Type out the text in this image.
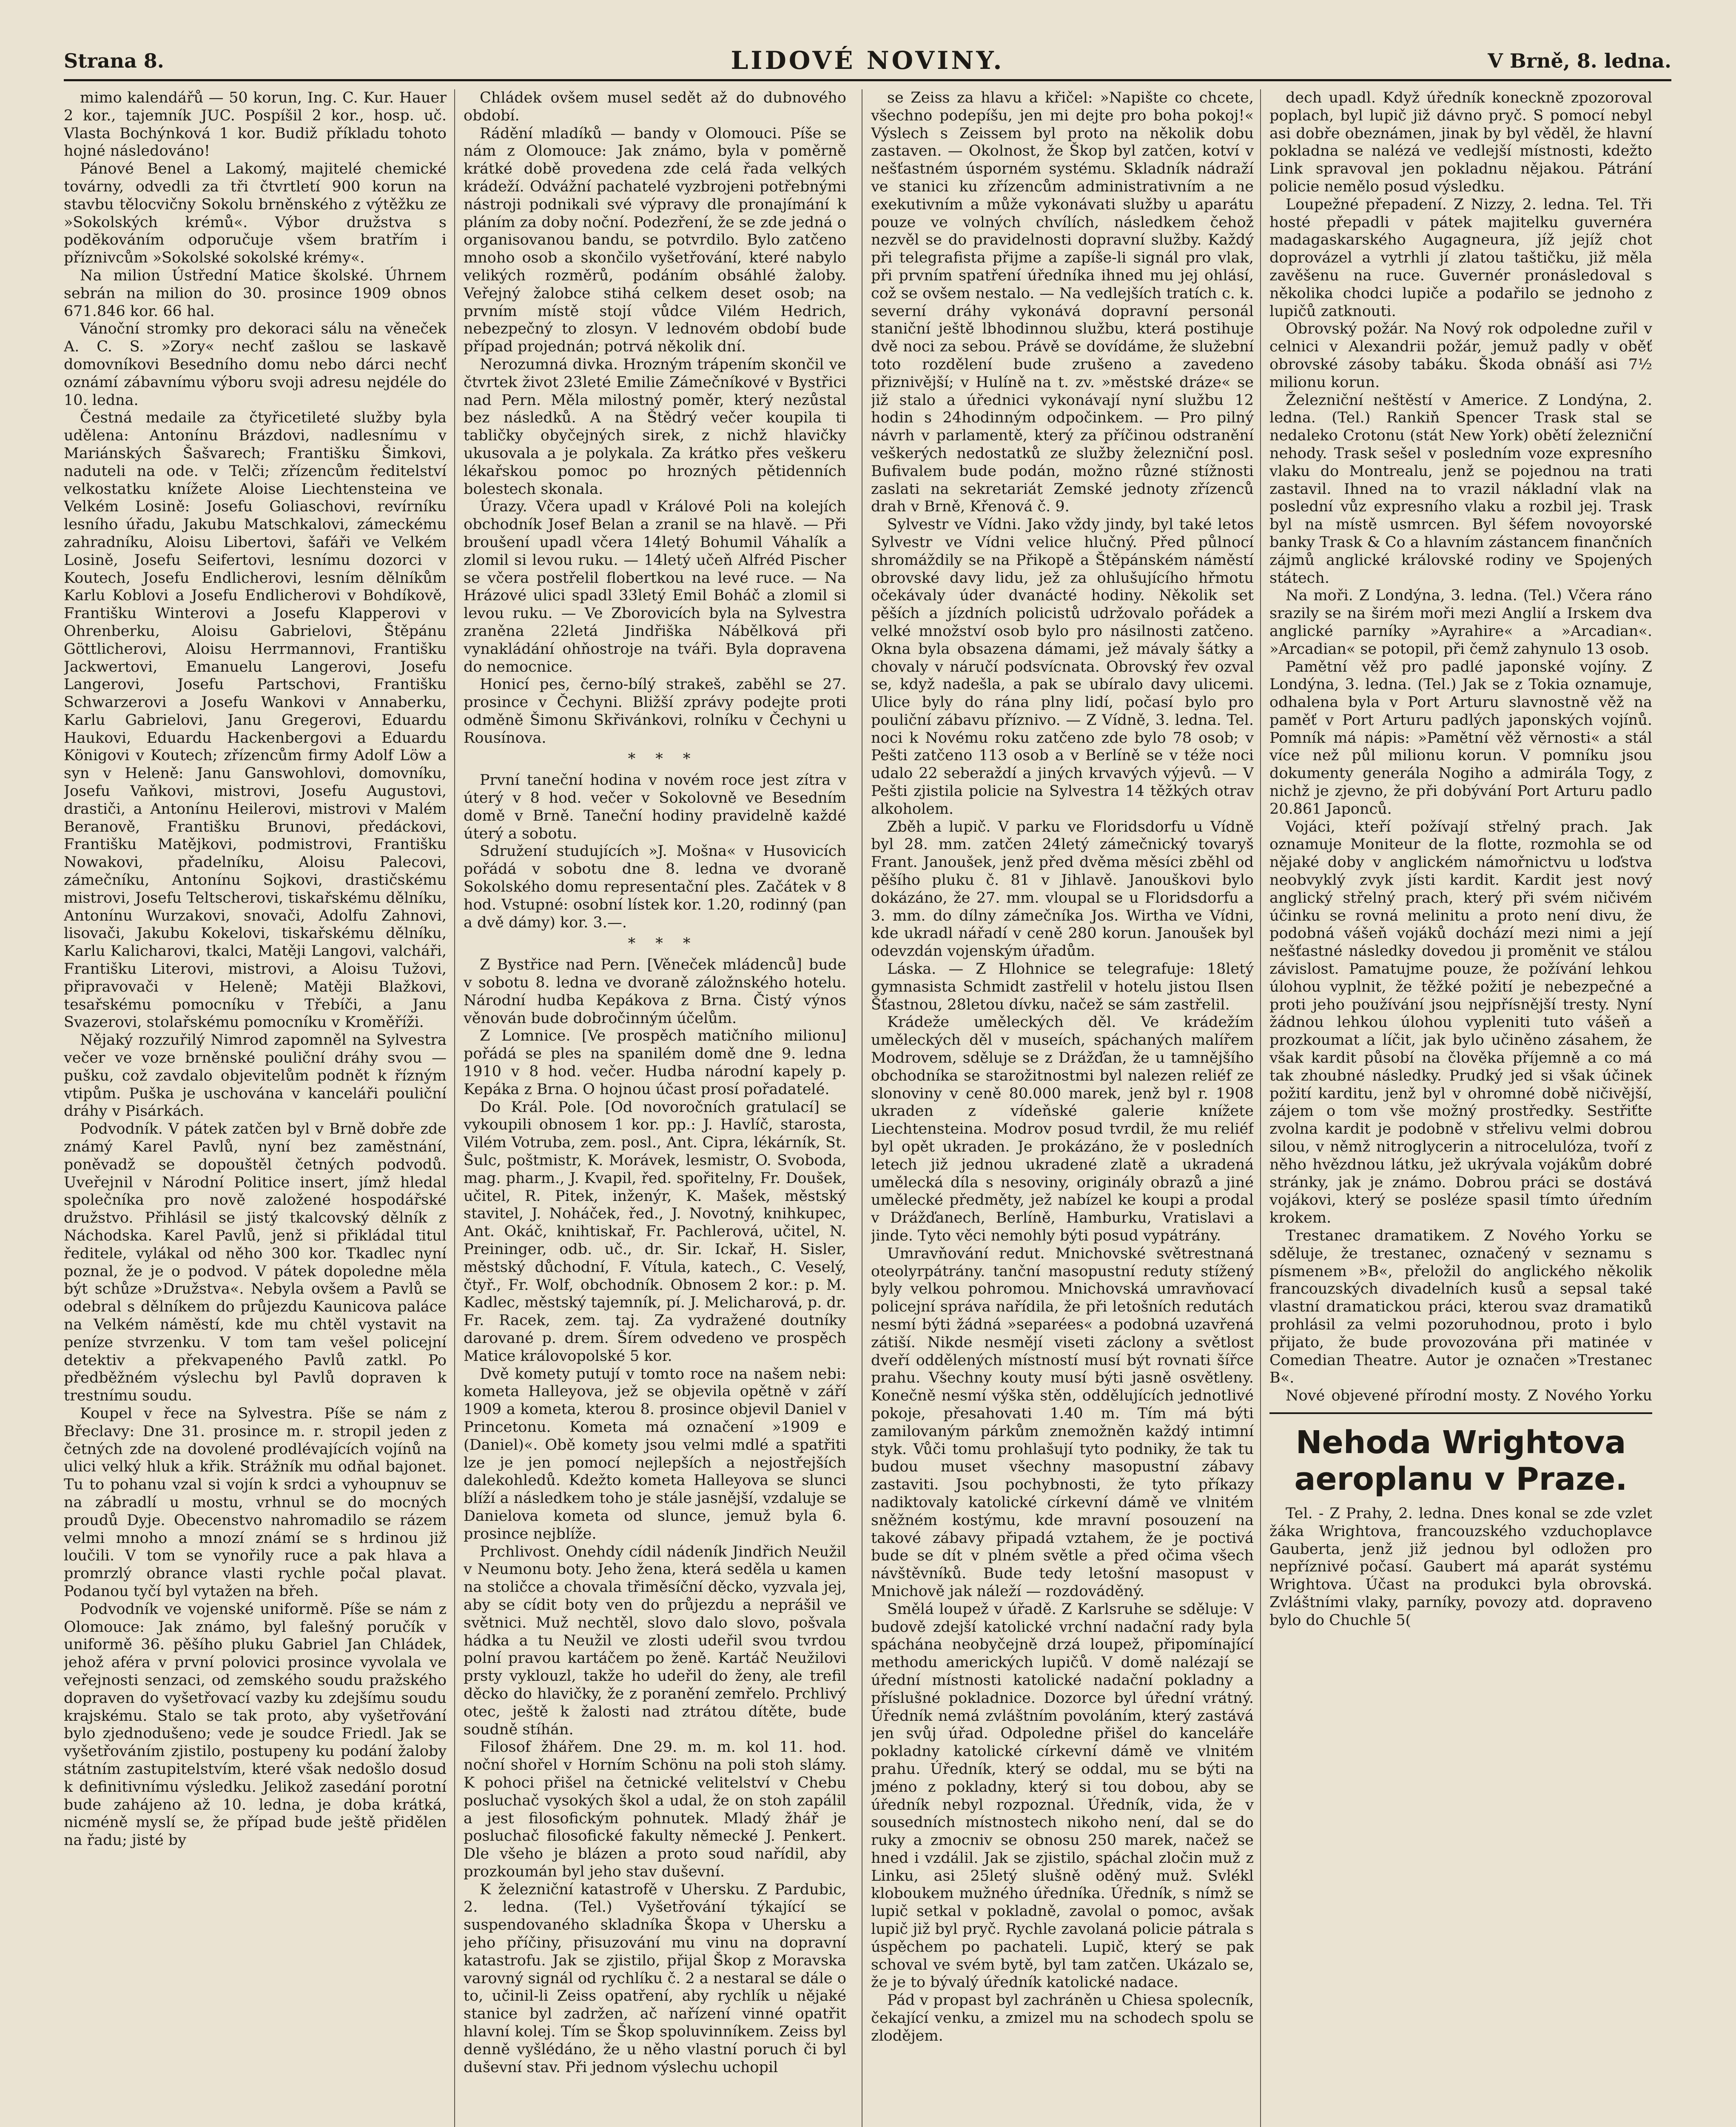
Strana 8.	LIDOVÉ NOVINY.	V Brně, 8. ledna.

mimo kalendářů — 50 korun, Ing. C. Kur. Hauer 2 kor., tajemník JUC. Pospíšil 2 kor., hosp. uč. Vlasta Bochýnková 1 kor. Budiž příkladu tohoto hojné následováno!

Pánové Benel a Lakomý, majitelé chemické továrny, odvedli za tři čtvrtletí 900 korun na stavbu tělocvičny Sokolu brněnského z výtěžku ze »Sokolských krémů«. Výbor družstva s podĕkováním odporučuje všem bratřím i příznivcům »Sokolské sokolské krémy«.

Na milion Ústřední Matice školské. Úhrnem sebrán na milion do 30. prosince 1909 obnos 671.846 kor. 66 hal.

Vánoční stromky pro dekoraci sálu na věneček A. C. S. »Zory« nechť zašlou se laskavě domovníkovi Besedního domu nebo dárci nechť oznámí zábavnímu výboru svoji adresu nejdéle do 10. ledna.

Čestná medaile za čtyřicetileté služby byla udělena: Antonínu Brázdovi, nadlesnímu v Mariánských Šašvarech; Františku Šimkovi, naduteli na ode. v Telči; zřízencům ředitelství velkostatku knížete Aloise Liechtensteina ve Velkém Losině: Josefu Goliaschovi, revírníku lesního úřadu, Jakubu Matschkalovi, zámeckému zahradníku, Aloisu Libertovi, šafáři ve Velkém Losině, Josefu Seifertovi, lesnímu dozorci v Koutech, Josefu Endlicherovi, lesním dělníkům Karlu Koblovi a Josefu Endlicherovi v Bohdíkově, Františku Winterovi a Josefu Klapperovi v Ohrenberku, Aloisu Gabrielovi, Štěpánu Göttlicherovi, Aloisu Herrmannovi, Františku Jackwertovi, Emanuelu Langerovi, Josefu Langerovi, Josefu Partschovi, Františku Schwarzerovi a Josefu Wankovi v Annaberku, Karlu Gabrielovi, Janu Gregerovi, Eduardu Haukovi, Eduardu Hackenbergovi a Eduardu Königovi v Koutech; zřízencům firmy Adolf Löw a syn v Heleně: Janu Ganswohlovi, domovníku, Josefu Vaňkovi, mistrovi, Josefu Augustovi, drastiči, a Antonínu Heilerovi, mistrovi v Malém Beranově, Františku Brunovi, předáckovi, Františku Matějkovi, podmistrovi, Františku Nowakovi, přadelníku, Aloisu Palecovi, zámečníku, Antonínu Sojkovi, drastičskému mistrovi, Josefu Teltscherovi, tiskařskému dělníku, Antonínu Wurzakovi, snovači, Adolfu Zahnovi, lisovači, Jakubu Kokelovi, tiskařskému dělníku, Karlu Kalicharovi, tkalci, Matěji Langovi, valcháři, Františku Literovi, mistrovi, a Aloisu Tužovi, připravovači v Heleně; Matěji Blažkovi, tesařskému pomocníku v Třebíči, a Janu Svazerovi, stolařskému pomocníku v Kroměříži.

Nějaký rozzuřilý Nimrod zapomněl na Sylvestra večer ve voze brněnské pouliční dráhy svou — pušku, což zavdalo objevitelům podnět k řízným vtipům. Puška je uschována v kanceláři pouliční dráhy v Pisárkách.

Podvodník. V pátek zatčen byl v Brně dobře zde známý Karel Pavlů, nyní bez zaměstnání, poněvadž se dopouštěl četných podvodů. Uveřejnil v Národní Politice insert, jímž hledal společníka pro nově založené hospodářské družstvo. Přihlásil se jistý tkalcovský dělník z Náchodska. Karel Pavlů, jenž si přikládal titul ředitele, vylákal od něho 300 kor. Tkadlec nyní poznal, že je o podvod. V pátek dopoledne měla být schůze »Družstva«. Nebyla ovšem a Pavlů se odebral s dělníkem do průjezdu Kaunicova paláce na Velkém náměstí, kde mu chtěl vystavit na peníze stvrzenku. V tom tam vešel policejní detektiv a překvapeného Pavlů zatkl. Po předběžném výslechu byl Pavlů dopraven k trestnímu soudu.

Koupel v řece na Sylvestra. Píše se nám z Břeclavy: Dne 31. prosince m. r. stropil jeden z četných zde na dovolené prodlévajících vojínů na ulici velký hluk a křik. Strážník mu odňal bajonet. Tu to pohanu vzal si vojín k srdci a vyhoupnuv se na zábradlí u mostu, vrhnul se do mocných proudů Dyje. Obecenstvo nahromadilo se rázem velmi mnoho a mnozí známí se s hrdinou již loučili. V tom se vynořily ruce a pak hlava a promrzlý obrance vlasti rychle počal plavat. Podanou tyčí byl vytažen na břeh.

Podvodník ve vojenské uniformě. Píše se nám z Olomouce: Jak známo, byl falešný poručík v uniformě 36. pěšího pluku Gabriel Jan Chládek, jehož aféra v první polovici prosince vyvolala ve veřejnosti senzaci, od zemského soudu pražského dopraven do vyšetřovací vazby ku zdejšímu soudu krajskému. Stalo se tak proto, aby vyšetřování bylo zjednodušeno; vede je soudce Friedl. Jak se vyšetřováním zjistilo, postupeny ku podání žaloby státním zastupitelstvím, které však nedošlo dosud k definitivnímu výsledku. Jelikož zasedání porotní bude zahájeno až 10. ledna, je doba krátká, nicméně myslí se, že případ bude ještě přidělen na řadu; jisté by

Chládek ovšem musel sedět až do dubnového období.

Rádění mladíků — bandy v Olomouci. Píše se nám z Olomouce: Jak známo, byla v poměrně krátké době provedena zde celá řada velkých krádeží. Odvážní pachatelé vyzbrojeni potřebnými nástroji podnikali své výpravy dle pronajímání k pláním za doby noční. Podezření, že se zde jedná o organisovanou bandu, se potvrdilo. Bylo zatčeno mnoho osob a skončilo vyšetřování, které nabylo velikých rozměrů, podáním obsáhlé žaloby. Veřejný žalobce stihá celkem deset osob; na prvním místě stojí vůdce Vilém Hedrich, nebezpečný to zlosyn. V lednovém období bude případ projednán; potrvá několik dní.

Nerozumná divka. Hrozným trápením skončil ve čtvrtek život 23leté Emilie Zámečníkové v Bystřici nad Pern. Měla milostný poměr, který nezůstal bez následků. A na Štědrý večer koupila ti tabličky obyčejných sirek, z nichž hlavičky ukusovala a je polykala. Za krátko přes veškeru lékařskou pomoc po hrozných pětidenních bolestech skonala.

Úrazy. Včera upadl v Králové Poli na kolejích obchodník Josef Belan a zranil se na hlavě. — Při broušení upadl včera 14letý Bohumil Váhalík a zlomil si levou ruku. — 14letý učeň Alfréd Pischer se včera postřelil flobertkou na levé ruce. — Na Hrázové ulici spadl 33letý Emil Boháč a zlomil si levou ruku. — Ve Zborovicích byla na Sylvestra zraněna 22letá Jindřiška Nábělková při vynakládání ohňostroje na tváři. Byla dopravena do nemocnice.

Honicí pes, černo-bílý strakeš, zaběhl se 27. prosince v Čechyni. Bližší zprávy podejte proti odměně Šimonu Skřivánkovi, rolníku v Čechyni u Rousínova.

* * *

První taneční hodina v novém roce jest zítra v úterý v 8 hod. večer v Sokolovně ve Besedním domě v Brně. Taneční hodiny pravidelně každé úterý a sobotu.

Sdružení studujících »J. Mošna« v Husovicích pořádá v sobotu dne 8. ledna ve dvoraně Sokolského domu representační ples. Začátek v 8 hod. Vstupné: osobní lístek kor. 1.20, rodinný (pan a dvě dámy) kor. 3.—.

* * *

Z Bystřice nad Pern. [Věneček mládenců] bude v sobotu 8. ledna ve dvoraně záložnského hotelu. Národní hudba Kepákova z Brna. Čistý výnos věnován bude dobročinným účelům.

Z Lomnice. [Ve prospěch matičního milionu] pořádá se ples na spanilém domě dne 9. ledna 1910 v 8 hod. večer. Hudba národní kapely p. Kepáka z Brna. O hojnou účast prosí pořadatelé.

Do Král. Pole. [Od novoročních gratulací] se vykoupili obnosem 1 kor. pp.: J. Havlíč, starosta, Vilém Votruba, zem. posl., Ant. Cipra, lékárník, St. Šulc, poštmistr, K. Morávek, lesmistr, O. Svoboda, mag. pharm., J. Kvapil, řed. spořitelny, Fr. Doušek, učitel, R. Pitek, inženýr, K. Mašek, městský stavitel, J. Noháček, řed., J. Novotný, knihkupec, Ant. Okáč, knihtiskař, Fr. Pachlerová, učitel, N. Preininger, odb. uč., dr. Sir. Ickař, H. Sisler, městský důchodní, F. Vítula, katech., C. Veselý, čtyř., Fr. Wolf, obchodník. Obnosem 2 kor.: p. M. Kadlec, městský tajemník, pí. J. Melicharová, p. dr. Fr. Racek, zem. taj. Za vydražené doutníky darované p. drem. Šírem odvedeno ve prospěch Matice královopolské 5 kor.

Dvě komety putují v tomto roce na našem nebi: kometa Halleyova, jež se objevila opětně v září 1909 a kometa, kterou 8. prosince objevil Daniel v Princetonu. Kometa má označení »1909 e (Daniel)«. Obě komety jsou velmi mdlé a spatřiti lze je jen pomocí nejlepších a nejostřejších dalekohledů. Kdežto kometa Halleyova se slunci blíží a následkem toho je stále jasnější, vzdaluje se Danielova kometa od slunce, jemuž byla 6. prosince nejblíže.

Prchlivost. Onehdy cídil nádeník Jindřich Neužil v Neumonu boty. Jeho žena, která seděla u kamen na stoličce a chovala třiměsíční děcko, vyzvala jej, aby se cídit boty ven do průjezdu a neprášil ve světnici. Muž nechtěl, slovo dalo slovo, pošvala hádka a tu Neužil ve zlosti udeřil svou tvrdou polní pravou kartáčem po ženě. Kartáč Neužilovi prsty vyklouzl, takže ho udeřil do ženy, ale trefil děcko do hlavičky, že z poranění zemřelo. Prchlivý otec, ještě k žalosti nad ztrátou dítěte, bude soudně stíhán.

Filosof žhářem. Dne 29. m. m. kol 11. hod. noční shořel v Horním Schönu na poli stoh slámy. K pohoci přišel na četnické velitelství v Chebu posluchač vysokých škol a udal, že on stoh zapálil a jest filosofickým pohnutek. Mladý žhář je posluchač filosofické fakulty německé J. Penkert. Dle všeho je blázen a proto soud nařídil, aby prozkoumán byl jeho stav duševní.

K železniční katastrofě v Uhersku. Z Pardubic, 2. ledna. (Tel.) Vyšetřování týkající se suspendovaného skladníka Škopa v Uhersku a jeho příčiny, přisuzování mu vinu na dopravní katastrofu. Jak se zjistilo, přijal Škop z Moravska varovný signál od rychlíku č. 2 a nestaral se dále o to, učinil-li Zeiss opatření, aby rychlík u nějaké stanice byl zadržen, ač nařízení vinné opatřit hlavní kolej. Tím se Škop spoluvinníkem. Zeiss byl denně vyšlédáno, že u něho vlastní poruch či byl duševní stav. Při jednom výslechu uchopil

se Zeiss za hlavu a křičel: »Napište co chcete, všechno podepíšu, jen mi dejte pro boha pokoj!« Výslech s Zeissem byl proto na několik dobu zastaven. — Okolnost, že Škop byl zatčen, kotví v nešťastném úsporném systému. Skladník nádraží ve stanici ku zřízencům administrativním a ne exekutivním a může vykonávati služby u aparátu pouze ve volných chvílích, následkem čehož nezvěl se do pravidelnosti dopravní služby. Každý při telegrafista přijme a zapíše-li signál pro vlak, při prvním spatření úředníka ihned mu jej ohlásí, což se ovšem nestalo. — Na vedlejších tratích c. k. severní dráhy vykonává dopravní personál staniční ještě lbhodinnou službu, která postihuje dvě noci za sebou. Právě se dovídáme, že služební toto rozdělení bude zrušeno a zavedeno přiznivější; v Hulíně na t. zv. »městské dráze« se již stalo a úřednici vykonávají nyní službu 12 hodin s 24hodinným odpočinkem. — Pro pilný návrh v parlamentě, který za příčinou odstranění veškerých nedostatků ze služby železniční posl. Bufivalem bude podán, možno různé stížnosti zaslati na sekretariát Zemské jednoty zřízenců drah v Brně, Křenová č. 9.

Sylvestr ve Vídni. Jako vždy jindy, byl také letos Sylvestr ve Vídni velice hlučný. Před půlnocí shromáždily se na Přikopě a Štěpánském náměstí obrovské davy lidu, jež za ohlušujícího hřmotu očekávaly úder dvanácté hodiny. Několik set pěších a jízdních policistů udržovalo pořádek a velké množství osob bylo pro násilnosti zatčeno. Okna byla obsazena dámami, jež mávaly šátky a chovaly v náručí podsvícnata. Obrovský řev ozval se, když nadešla, a pak se ubíralo davy ulicemi. Ulice byly do rána plny lidí, počasí bylo pro pouliční zábavu příznivo. — Z Vídně, 3. ledna. Tel. noci k Novému roku zatčeno zde bylo 78 osob; v Pešti zatčeno 113 osob a v Berlíně se v téže noci udalo 22 seberaždí a jiných krvavých výjevů. — V Pešti zjistila policie na Sylvestra 14 těžkých otrav alkoholem.

Zběh a lupič. V parku ve Floridsdorfu u Vídně byl 28. mm. zatčen 24letý zámečnický tovaryš Frant. Janoušek, jenž před dvěma měsíci zběhl od pěšího pluku č. 81 v Jihlavě. Janouškovi bylo dokázáno, že 27. mm. vloupal se u Floridsdorfu a 3. mm. do dílny zámečníka Jos. Wirtha ve Vídni, kde ukradl nářadí v ceně 280 korun. Janoušek byl odevzdán vojenským úřadům.

Láska. — Z Hlohnice se telegrafuje: 18letý gymnasista Schmidt zastřelil v hotelu jistou Ilsen Šťastnou, 28letou dívku, načež se sám zastřelil.

Krádeže uměleckých děl. Ve krádežím uměleckých děl v museích, spáchaných malířem Modrovem, sděluje se z Drážďan, že u tamnějšího obchodníka se starožitnostmi byl nalezen reliéf ze slonoviny v ceně 80.000 marek, jenž byl r. 1908 ukraden z vídeňské galerie knížete Liechtensteina. Modrov posud tvrdil, že mu reliéf byl opět ukraden. Je prokázáno, že v posledních letech již jednou ukradené zlatě a ukradená umělecká díla s nesoviny, originály obrazů a jiné umělecké předměty, jež nabízel ke koupi a prodal v Drážďanech, Berlíně, Hamburku, Vratislavi a jinde. Tyto věci nemohly býti posud vypátrány.

Umravňování redut. Mnichovské světrestnaná oteolyrpátrány. tanční masopustní reduty stížený byly velkou pohromou. Mnichovská umravňovací policejní správa nařídila, že při letošních redutách nesmí býti žádná »separées« a podobná uzavřená zátiší. Nikde nesmějí viseti záclony a světlost dveří oddělených místností musí být rovnati šířce prahu. Všechny kouty musí býti jasně osvětleny. Konečně nesmí výška stěn, oddělujících jednotlivé pokoje, přesahovati 1.40 m. Tím má býti zamilovaným párkům znemožněn každý intimní styk. Vůči tomu prohlašují tyto podniky, že tak tu budou muset všechny masopustní zábavy zastaviti. Jsou pochybnosti, že tyto příkazy nadiktovaly katolické církevní dámě ve vlnitém sněžném kostýmu, kde mravní posouzení na takové zábavy připadá vztahem, že je poctivá bude se dít v plném světle a před očima všech návštěvníků. Bude tedy letošní masopust v Mnichově jak náleží — rozdováděný.

Smělá loupež v úřadě. Z Karlsruhe se sděluje: V budově zdejší katolické vrchní nadační rady byla spáchána neobyčejně drzá loupež, připomínající methodu amerických lupičů. V domě nalézají se úřední místnosti katolické nadační pokladny a příslušné pokladnice. Dozorce byl úřední vrátný. Úředník nemá zvláštním povoláním, který zastává jen svůj úřad. Odpoledne přišel do kanceláře pokladny katolické církevní dámě ve vlnitém prahu. Úředník, který se oddal, mu se býti na jméno z pokladny, který si tou dobou, aby se úředník nebyl rozpoznal. Úředník, vida, že v sousedních místnostech nikoho není, dal se do ruky a zmocniv se obnosu 250 marek, načež se hned i vzdálil. Jak se zjistilo, spáchal zločin muž z Linku, asi 25letý slušně oděný muž. Svlékl kloboukem mužného úředníka. Úředník, s nímž se lupič setkal v pokladně, zavolal o pomoc, avšak lupič již byl pryč. Rychle zavolaná policie pátrala s úspěchem po pachateli. Lupič, který se pak schoval ve svém bytě, byl tam zatčen. Ukázalo se, že je to bývalý úředník katolické nadace.

Pád v propast byl zachráněn u Chiesa spolecník, čekající venku, a zmizel mu na schodech spolu se zlodějem.

dech upadl. Když úředník koneckně zpozoroval poplach, byl lupič již dávno pryč. S pomocí nebyl asi dobře obeznámen, jinak by byl věděl, že hlavní pokladna se nalézá ve vedlejší místnosti, kdežto Link spravoval jen pokladnu nějakou. Pátrání policie nemělo posud výsledku.

Loupežné přepadení. Z Nizzy, 2. ledna. Tel. Tři hosté přepadli v pátek majitelku guvernéra madagaskarského Augagneura, jíž jejíž chot doprovázel a vytrhli jí zlatou taštičku, již měla zavěšenu na ruce. Guvernér pronásledoval s několika chodci lupiče a podařilo se jednoho z lupičů zatknouti.

Obrovský požár. Na Nový rok odpoledne zuřil v celnici v Alexandrii požár, jemuž padly v oběť obrovské zásoby tabáku. Škoda obnáší asi 7½ milionu korun.

Železniční neštěstí v Americe. Z Londýna, 2. ledna. (Tel.) Rankiň Spencer Trask stal se nedaleko Crotonu (stát New York) obětí železniční nehody. Trask sešel v posledním voze expresního vlaku do Montrealu, jenž se pojednou na trati zastavil. Ihned na to vrazil nákladní vlak na poslední vůz expresního vlaku a rozbil jej. Trask byl na místě usmrcen. Byl šéfem novoyorské banky Trask & Co a hlavním zástancem finančních zájmů anglické královské rodiny ve Spojených státech.

Na moři. Z Londýna, 3. ledna. (Tel.) Včera ráno srazily se na širém moři mezi Anglií a Irskem dva anglické parníky »Ayrahire« a »Arcadian«. »Arcadian« se potopil, při čemž zahynulo 13 osob.

Pamětní věž pro padlé japonské vojíny. Z Londýna, 3. ledna. (Tel.) Jak se z Tokia oznamuje, odhalena byla v Port Arturu slavnostně věž na paměť v Port Arturu padlých japonských vojínů. Pomník má nápis: »Pamětní věž věrnosti« a stál více než půl milionu korun. V pomníku jsou dokumenty generála Nogiho a admirála Togy, z nichž je zjevno, že při dobývání Port Arturu padlo 20.861 Japonců.

Vojáci, kteří požívají střelný prach. Jak oznamuje Moniteur de la flotte, rozmohla se od nějaké doby v anglickém námořnictvu u loďstva neobvyklý zvyk jísti kardit. Kardit jest nový anglický střelný prach, který při svém ničivém účinku se rovná melinitu a proto není divu, že podobná vášeň vojáků dochází mezi nimi a její nešťastné následky dovedou ji proměnit ve stálou závislost. Pamatujme pouze, že požívání lehkou úlohou vyplnit, že těžké požití je nebezpečné a proti jeho používání jsou nejpřísnější tresty. Nyní žádnou lehkou úlohou vypleniti tuto vášeň a prozkoumat a líčit, jak bylo učiněno zásahem, že však kardit působí na člověka příjemně a co má tak zhoubné následky. Prudký jed si však účinek požití karditu, jenž byl v ohromné době ničivější, zájem o tom vše možný prostředky. Sestřiťte zvolna kardit je podobně v střelivu velmi dobrou silou, v němž nitroglycerin a nitrocelulóza, tvoří z něho hvězdnou látku, jež ukrývala vojákům dobré stránky, jak je známo. Dobrou práci se dostává vojákovi, který se posléze spasil tímto úředním krokem.

Trestanec dramatikem. Z Nového Yorku se sděluje, že trestanec, označený v seznamu s písmenem »B«, přeložil do anglického několik francouzských divadelních kusů a sepsal také vlastní dramatickou práci, kterou svaz dramatiků prohlásil za velmi pozoruhodnou, proto i bylo přijato, že bude provozována při matinée v Comedian Theatre. Autor je označen »Trestanec B«.

Nové objevené přírodní mosty. Z Nového Yorku

Nehoda Wrightova aeroplanu v Praze.
Tel. - Z Prahy, 2. ledna. Dnes konal se zde vzlet žáka Wrightova, francouzského vzduchoplavce Gauberta, jenž již jednou byl odložen pro nepříznivé počasí. Gaubert má aparát systému Wrightova. Účast na produkci byla obrovská. Zvláštními vlaky, parníky, povozy atd. dopraveno bylo do Chuchle 5(
